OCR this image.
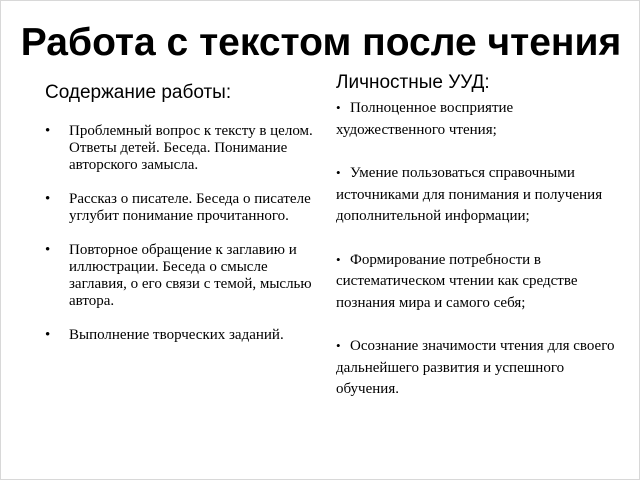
Работа с текстом после чтения
Содержание работы:
• Проблемный вопрос к тексту в целом. Ответы детей. Беседа. Понимание авторского замысла.
• Рассказ о писателе. Беседа о писателе углубит понимание прочитанного.
• Повторное обращение к заглавию и иллюстрации. Беседа о смысле заглавия, о его связи с темой, мыслью автора.
• Выполнение творческих заданий.
Личностные УУД:
• Полноценное восприятие художественного чтения;
• Умение пользоваться справочными источниками для понимания и получения дополнительной информации;
• Формирование потребности в систематическом чтении как средстве познания мира и самого себя;
• Осознание значимости чтения для своего дальнейшего развития и успешного обучения.
